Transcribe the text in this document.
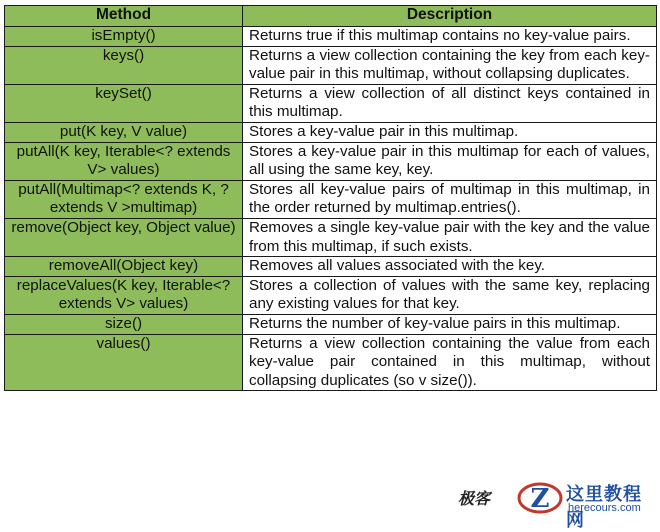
Method	Description
isEmpty()	Returns true if this multimap contains no key-value pairs.
keys()	Returns a view collection containing the key from each key-value pair in this multimap, without collapsing duplicates.
keySet()	Returns a view collection of all distinct keys contained in this multimap.
put(K key, V value)	Stores a key-value pair in this multimap.
putAll(K key, Iterable<? extends V> values)	Stores a key-value pair in this multimap for each of values, all using the same key, key.
putAll(Multimap<? extends K, ? extends V >multimap)	Stores all key-value pairs of multimap in this multimap, in the order returned by multimap.entries().
remove(Object key, Object value)	Removes a single key-value pair with the key and the value from this multimap, if such exists.
removeAll(Object key)	Removes all values associated with the key.
replaceValues(K key, Iterable<? extends V> values)	Stores a collection of values with the same key, replacing any existing values for that key.
size()	Returns the number of key-value pairs in this multimap.
values()	Returns a view collection containing the value from each key-value pair contained in this multimap, without collapsing duplicates (so v size()).
极客 Z 这里教程网
herecours.com
